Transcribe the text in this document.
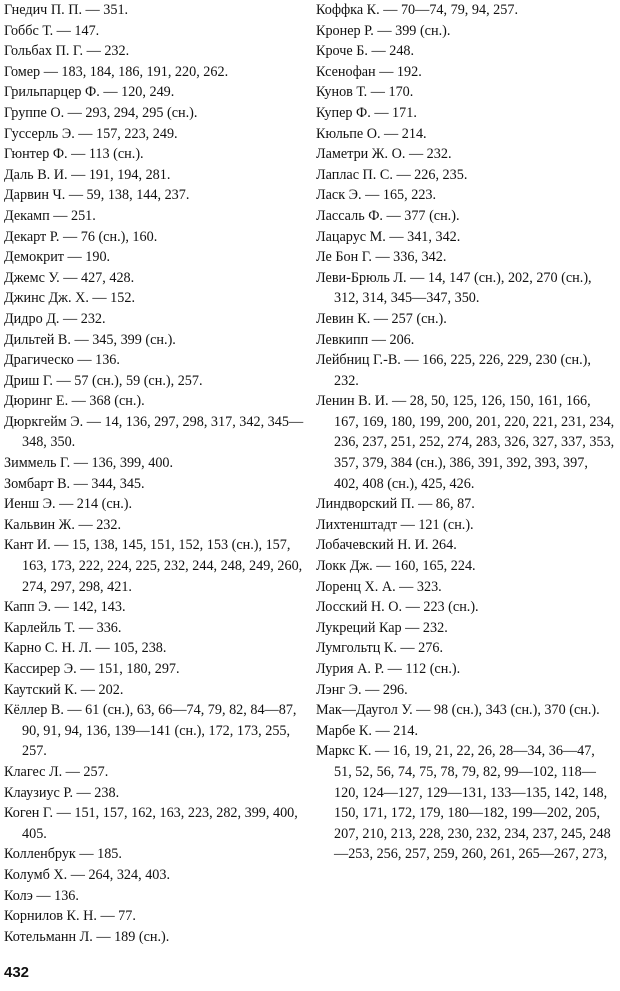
Гнедич П. П. — 351.
Гоббс Т. — 147.
Гольбах П. Г. — 232.
Гомер — 183, 184, 186, 191, 220, 262.
Грильпарцер Ф. — 120, 249.
Группе О. — 293, 294, 295 (сн.).
Гуссерль Э. — 157, 223, 249.
Гюнтер Ф. — 113 (сн.).
Даль В. И. — 191, 194, 281.
Дарвин Ч. — 59, 138, 144, 237.
Декамп — 251.
Декарт Р. — 76 (сн.), 160.
Демокрит — 190.
Джемс У. — 427, 428.
Джинс Дж. Х. — 152.
Дидро Д. — 232.
Дильтей В. — 345, 399 (сн.).
Драгическо — 136.
Дриш Г. — 57 (сн.), 59 (сн.), 257.
Дюринг Е. — 368 (сн.).
Дюркгейм Э. — 14, 136, 297, 298, 317, 342, 345—348, 350.
Зиммель Г. — 136, 399, 400.
Зомбарт В. — 344, 345.
Иенш Э. — 214 (сн.).
Кальвин Ж. — 232.
Кант И. — 15, 138, 145, 151, 152, 153 (сн.), 157, 163, 173, 222, 224, 225, 232, 244, 248, 249, 260, 274, 297, 298, 421.
Капп Э. — 142, 143.
Карлейль Т. — 336.
Карно С. Н. Л. — 105, 238.
Кассирер Э. — 151, 180, 297.
Каутский К. — 202.
Кёллер В. — 61 (сн.), 63, 66—74, 79, 82, 84—87, 90, 91, 94, 136, 139—141 (сн.), 172, 173, 255, 257.
Клагес Л. — 257.
Клаузиус Р. — 238.
Коген Г. — 151, 157, 162, 163, 223, 282, 399, 400, 405.
Колленбрук — 185.
Колумб Х. — 264, 324, 403.
Колэ — 136.
Корнилов К. Н. — 77.
Котельманн Л. — 189 (сн.).
Коффка К. — 70—74, 79, 94, 257.
Кронер Р. — 399 (сн.).
Кроче Б. — 248.
Ксенофан — 192.
Кунов Т. — 170.
Купер Ф. — 171.
Кюльпе О. — 214.
Ламетри Ж. О. — 232.
Лаплас П. С. — 226, 235.
Ласк Э. — 165, 223.
Лассаль Ф. — 377 (сн.).
Лацарус М. — 341, 342.
Ле Бон Г. — 336, 342.
Леви-Брюль Л. — 14, 147 (сн.), 202, 270 (сн.), 312, 314, 345—347, 350.
Левин К. — 257 (сн.).
Левкипп — 206.
Лейбниц Г.-В. — 166, 225, 226, 229, 230 (сн.), 232.
Ленин В. И. — 28, 50, 125, 126, 150, 161, 166, 167, 169, 180, 199, 200, 201, 220, 221, 231, 234, 236, 237, 251, 252, 274, 283, 326, 327, 337, 353, 357, 379, 384 (сн.), 386, 391, 392, 393, 397, 402, 408 (сн.), 425, 426.
Линдворский П. — 86, 87.
Лихтенштадт — 121 (сн.).
Лобачевский Н. И. 264.
Локк Дж. — 160, 165, 224.
Лоренц Х. А. — 323.
Лосский Н. О. — 223 (сн.).
Лукреций Кар — 232.
Лумгольтц К. — 276.
Лурия А. Р. — 112 (сн.).
Лэнг Э. — 296.
Мак—Даугол У. — 98 (сн.), 343 (сн.), 370 (сн.).
Марбе К. — 214.
Маркс К. — 16, 19, 21, 22, 26, 28—34, 36—47, 51, 52, 56, 74, 75, 78, 79, 82, 99—102, 118—120, 124—127, 129—131, 133—135, 142, 148, 150, 171, 172, 179, 180—182, 199—202, 205, 207, 210, 213, 228, 230, 232, 234, 237, 245, 248—253, 256, 257, 259, 260, 261, 265—267, 273,
432
